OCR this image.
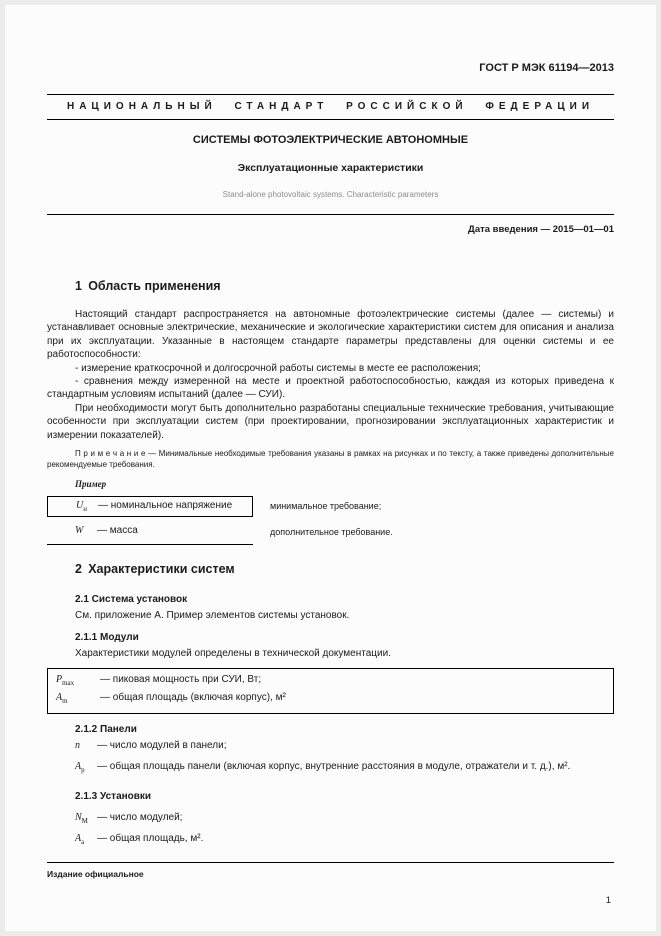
ГОСТ Р МЭК 61194—2013
НАЦИОНАЛЬНЫЙ СТАНДАРТ РОССИЙСКОЙ ФЕДЕРАЦИИ
СИСТЕМЫ ФОТОЭЛЕКТРИЧЕСКИЕ АВТОНОМНЫЕ
Эксплуатационные характеристики
Stand-alone photovoltaic systems. Characteristic parameters
Дата введения — 2015—01—01
1 Область применения

Настоящий стандарт распространяется на автономные фотоэлектрические системы (далее — системы) и устанавливает основные электрические, механические и экологические характеристики систем для описания и анализа при их эксплуатации. Указанные в настоящем стандарте параметры представлены для оценки системы и ее работоспособности:

- измерение краткосрочной и долгосрочной работы системы в месте ее расположения;

- сравнения между измеренной на месте и проектной работоспособностью, каждая из которых приведена к стандартным условиям испытаний (далее — СУИ).

При необходимости могут быть дополнительно разработаны специальные технические требования, учитывающие особенности при эксплуатации систем (при проектировании, прогнозировании эксплуатационных характеристик и измерении показателей).

П р и м е ч а н и е — Минимальные необходимые требования указаны в рамках на рисунках и по тексту, а также приведены дополнительные рекомендуемые требования.

Пример
$U_н$ — номинальное напряжение	минимальное требование;
W — масса	дополнительное требование.
2 Характеристики систем
2.1 Система установок

См. приложение А. Пример элементов системы установок.

2.1.1 Модули

Характеристики модулей определены в технической документации.

$P_{max}$	— пиковая мощность при СУИ, Вт;
$A_m$	— общая площадь (включая корпус), м²
2.1.2 Панели
n — число модулей в панели;
$A_p$ — общая площадь панели (включая корпус, внутренние расстояния в модуле, отражатели и т. д.), м².
2.1.3 Установки
$N_М$ — число модулей;
$A_а$ — общая площадь, м².
Издание официальное
1
